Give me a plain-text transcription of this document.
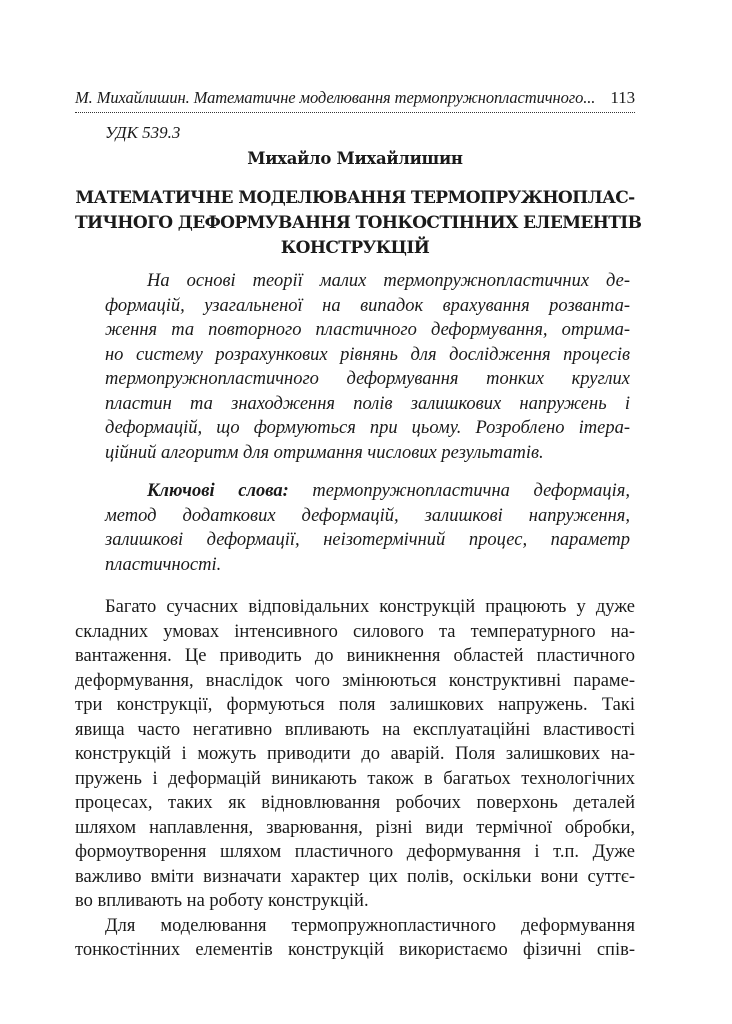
М. Михайлишин. Математичне моделювання термопружнопластичного... 113
УДК 539.3
Михайло Михайлишин
МАТЕМАТИЧНЕ МОДЕЛЮВАННЯ ТЕРМОПРУЖНОПЛАС-
ТИЧНОГО ДЕФОРМУВАННЯ ТОНКОСТІННИХ ЕЛЕМЕНТІВ
КОНСТРУКЦІЙ
На основі теорії малих термопружнопластичних де-
формацій, узагальненої на випадок врахування розванта-
ження та повторного пластичного деформування, отрима-
но систему розрахункових рівнянь для дослідження процесів
термопружнопластичного деформування тонких круглих
пластин та знаходження полів залишкових напружень і
деформацій, що формуються при цьому. Розроблено ітера-
ційний алгоритм для отримання числових результатів.
Ключові слова: термопружнопластична деформація,
метод додаткових деформацій, залишкові напруження,
залишкові деформації, неізотермічний процес, параметр
пластичності.
Багато сучасних відповідальних конструкцій працюють у дуже
складних умовах інтенсивного силового та температурного на-
вантаження. Це приводить до виникнення областей пластичного
деформування, внаслідок чого змінюються конструктивні параме-
три конструкції, формуються поля залишкових напружень. Такі
явища часто негативно впливають на експлуатаційні властивості
конструкцій і можуть приводити до аварій. Поля залишкових на-
пружень і деформацій виникають також в багатьох технологічних
процесах, таких як відновлювання робочих поверхонь деталей
шляхом наплавлення, зварювання, різні види термічної обробки,
формоутворення шляхом пластичного деформування і т.п. Дуже
важливо вміти визначати характер цих полів, оскільки вони суттє-
во впливають на роботу конструкцій.
Для моделювання термопружнопластичного деформування
тонкостінних елементів конструкцій використаємо фізичні спів-
